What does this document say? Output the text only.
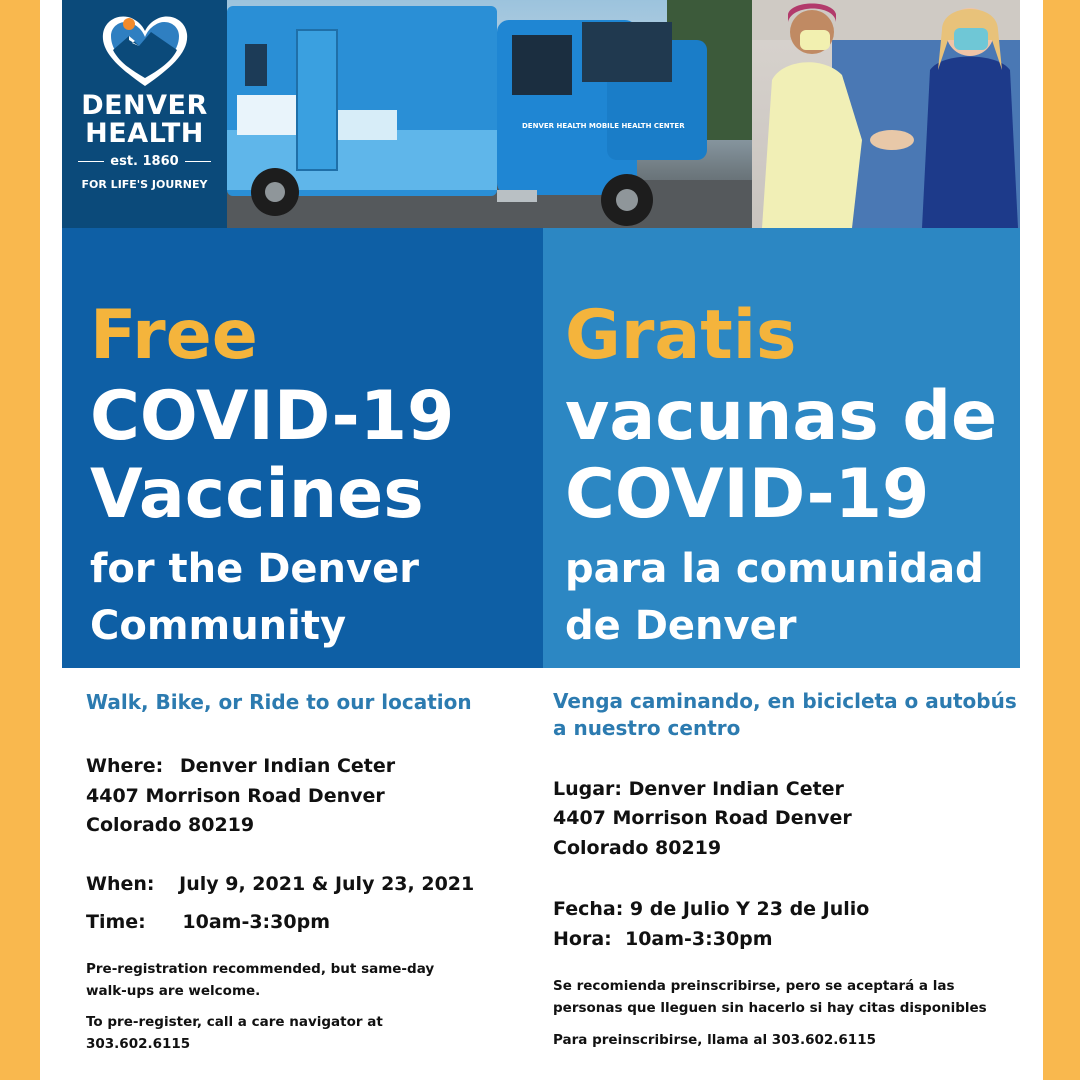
DENVER
HEALTH
est. 1860
FOR LIFE'S JOURNEY
DENVER HEALTH MOBILE HEALTH CENTER
Free
COVID-19
Vaccines
for the Denver
Community
Gratis
vacunas de
COVID-19
para la comunidad
de Denver
Walk, Bike, or Ride to our location
Where: Denver Indian Ceter
4407 Morrison Road Denver
Colorado 80219
When: July 9, 2021 & July 23, 2021
Time: 10am-3:30pm
Pre-registration recommended, but same-day walk-ups are welcome.
To pre-register, call a care navigator at 303.602.6115
Venga caminando, en bicicleta o autobús
a nuestro centro
Lugar: Denver Indian Ceter
4407 Morrison Road Denver
Colorado 80219
Fecha: 9 de Julio Y 23 de Julio
Hora:  10am-3:30pm
Se recomienda preinscribirse, pero se aceptará a las personas que lleguen sin hacerlo si hay citas disponibles
Para preinscribirse, llama al 303.602.6115
